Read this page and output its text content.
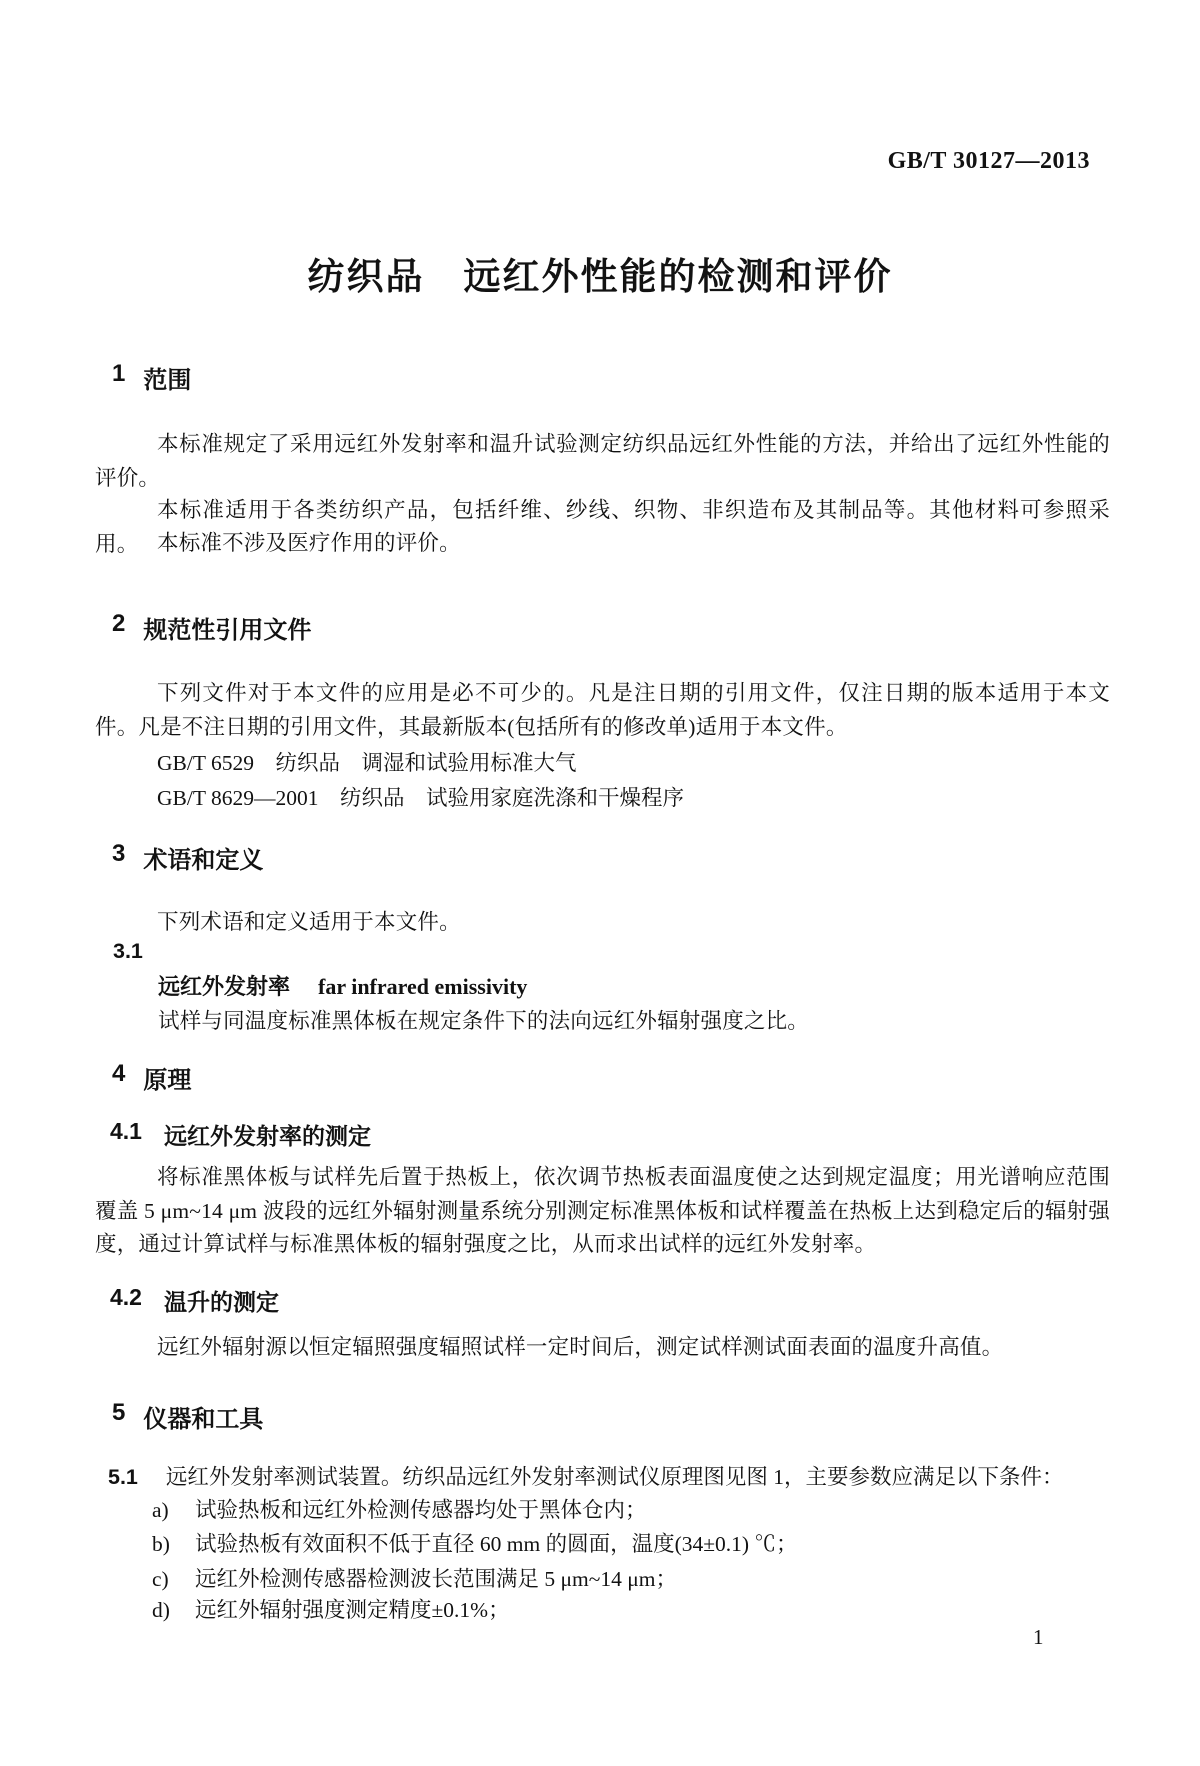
GB/T 30127—2013
纺织品　远红外性能的检测和评价
1 范围
本标准规定了采用远红外发射率和温升试验测定纺织品远红外性能的方法，并给出了远红外性能的评价。
本标准适用于各类纺织产品，包括纤维、纱线、织物、非织造布及其制品等。其他材料可参照采用。 本标准不涉及医疗作用的评价。
2 规范性引用文件
下列文件对于本文件的应用是必不可少的。凡是注日期的引用文件，仅注日期的版本适用于本文件。凡是不注日期的引用文件，其最新版本(包括所有的修改单)适用于本文件。
GB/T 6529　纺织品　调湿和试验用标准大气
GB/T 8629—2001　纺织品　试验用家庭洗涤和干燥程序
3 术语和定义
下列术语和定义适用于本文件。
3.1
远红外发射率 far infrared emissivity
试样与同温度标准黑体板在规定条件下的法向远红外辐射强度之比。
4 原理
4.1 远红外发射率的测定
将标准黑体板与试样先后置于热板上，依次调节热板表面温度使之达到规定温度；用光谱响应范围覆盖 5 μm~14 μm 波段的远红外辐射测量系统分别测定标准黑体板和试样覆盖在热板上达到稳定后的辐射强度，通过计算试样与标准黑体板的辐射强度之比，从而求出试样的远红外发射率。
4.2 温升的测定
远红外辐射源以恒定辐照强度辐照试样一定时间后，测定试样测试面表面的温度升高值。
5 仪器和工具
5.1 远红外发射率测试装置。纺织品远红外发射率测试仪原理图见图 1，主要参数应满足以下条件：
a)	试验热板和远红外检测传感器均处于黑体仓内；
b)	试验热板有效面积不低于直径 60 mm 的圆面，温度(34±0.1) ℃；
c)	远红外检测传感器检测波长范围满足 5 μm~14 μm；
d)	远红外辐射强度测定精度±0.1%；
1
